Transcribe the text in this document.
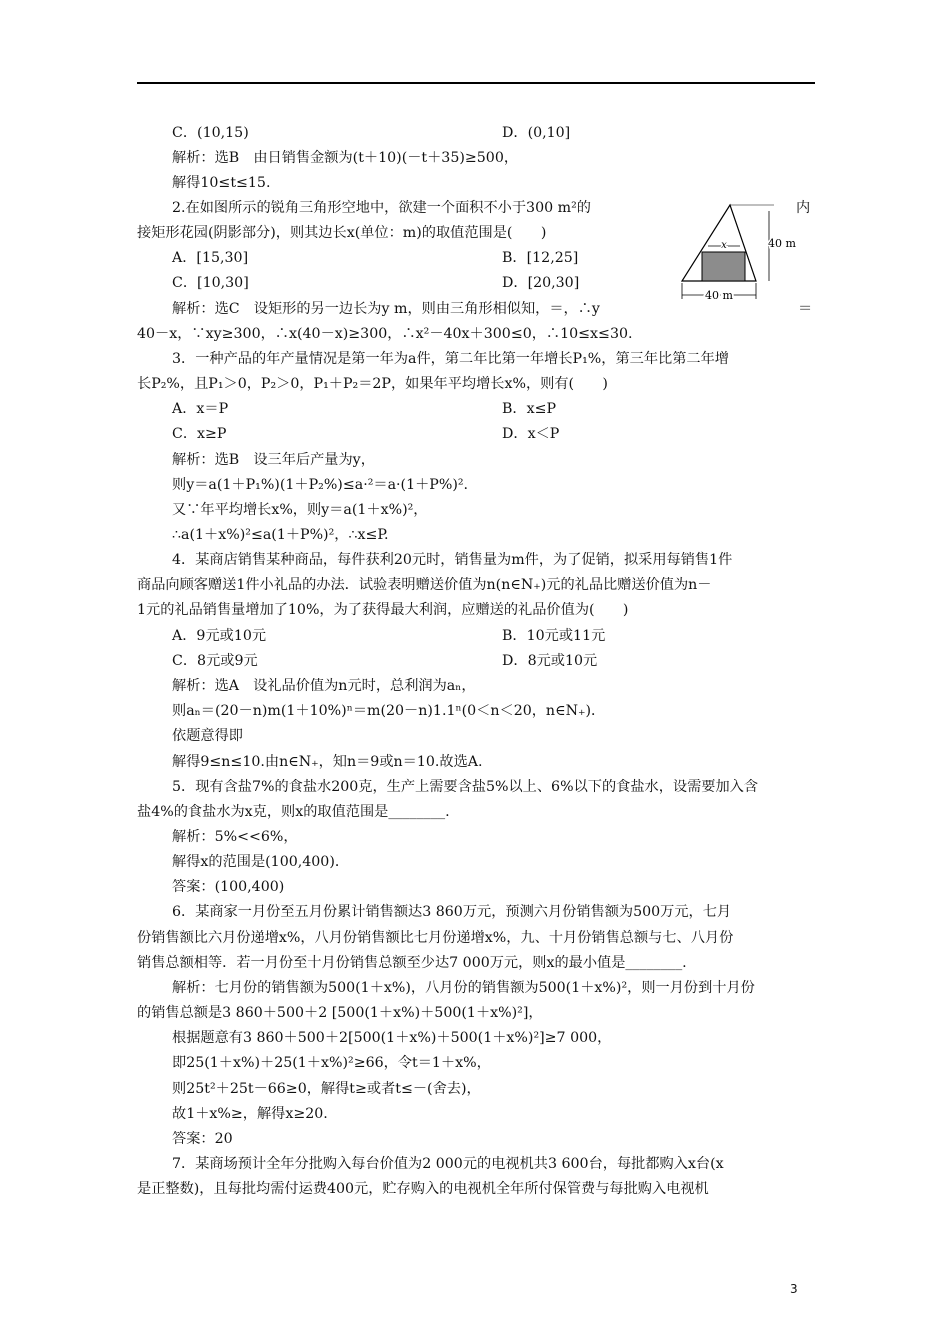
C．(10,15)	D．(0,10]
解析：选B　由日销售金额为(t＋10)(－t＋35)≥500，
解得10≤t≤15.
2.在如图所示的锐角三角形空地中，欲建一个面积不小于300 m²的	内
接矩形花园(阴影部分)，则其边长x(单位：m)的取值范围是(　　)
A．[15,30]	B．[12,25]
C．[10,30]	D．[20,30]
解析：选C　设矩形的另一边长为y m，则由三角形相似知，＝，∴y	＝
40－x，∵xy≥300，∴x(40－x)≥300，∴x²－40x＋300≤0，∴10≤x≤30.
3．一种产品的年产量情况是第一年为a件，第二年比第一年增长P₁%，第三年比第二年增
长P₂%，且P₁＞0，P₂＞0，P₁＋P₂＝2P，如果年平均增长x%，则有(　　)
A．x＝P	B．x≤P
C．x≥P	D．x＜P
解析：选B　设三年后产量为y，
则y＝a(1＋P₁%)(1＋P₂%)≤a·²＝a·(1＋P%)².
又∵年平均增长x%，则y＝a(1＋x%)²，
∴a(1＋x%)²≤a(1＋P%)²，∴x≤P.
4．某商店销售某种商品，每件获利20元时，销售量为m件，为了促销，拟采用每销售1件
商品向顾客赠送1件小礼品的办法．试验表明赠送价值为n(n∈N₊)元的礼品比赠送价值为n－
1元的礼品销售量增加了10%，为了获得最大利润，应赠送的礼品价值为(　　)
A．9元或10元	B．10元或11元
C．8元或9元	D．8元或10元
解析：选A　设礼品价值为n元时，总利润为aₙ，
则aₙ＝(20－n)m(1＋10%)ⁿ＝m(20－n)1.1ⁿ(0＜n＜20，n∈N₊)．
依题意得即
解得9≤n≤10.由n∈N₊，知n＝9或n＝10.故选A.
5．现有含盐7%的食盐水200克，生产上需要含盐5%以上、6%以下的食盐水，设需要加入含
盐4%的食盐水为x克，则x的取值范围是________.
解析：5%<<6%，
解得x的范围是(100,400)．
答案：(100,400)
6．某商家一月份至五月份累计销售额达3 860万元，预测六月份销售额为500万元，七月
份销售额比六月份递增x%，八月份销售额比七月份递增x%，九、十月份销售总额与七、八月份
销售总额相等．若一月份至十月份销售总额至少达7 000万元，则x的最小值是________.
解析：七月份的销售额为500(1＋x%)，八月份的销售额为500(1＋x%)²，则一月份到十月份
的销售总额是3 860＋500＋2 [500(1＋x%)＋500(1＋x%)²]，
根据题意有3 860＋500＋2[500(1＋x%)＋500(1＋x%)²]≥7 000，
即25(1＋x%)＋25(1＋x%)²≥66，令t＝1＋x%，
则25t²＋25t－66≥0，解得t≥或者t≤－(舍去)，
故1＋x%≥，解得x≥20.
答案：20
7．某商场预计全年分批购入每台价值为2 000元的电视机共3 600台，每批都购入x台(x
是正整数)，且每批均需付运费400元，贮存购入的电视机全年所付保管费与每批购入电视机
x	40 m
40 m
3
